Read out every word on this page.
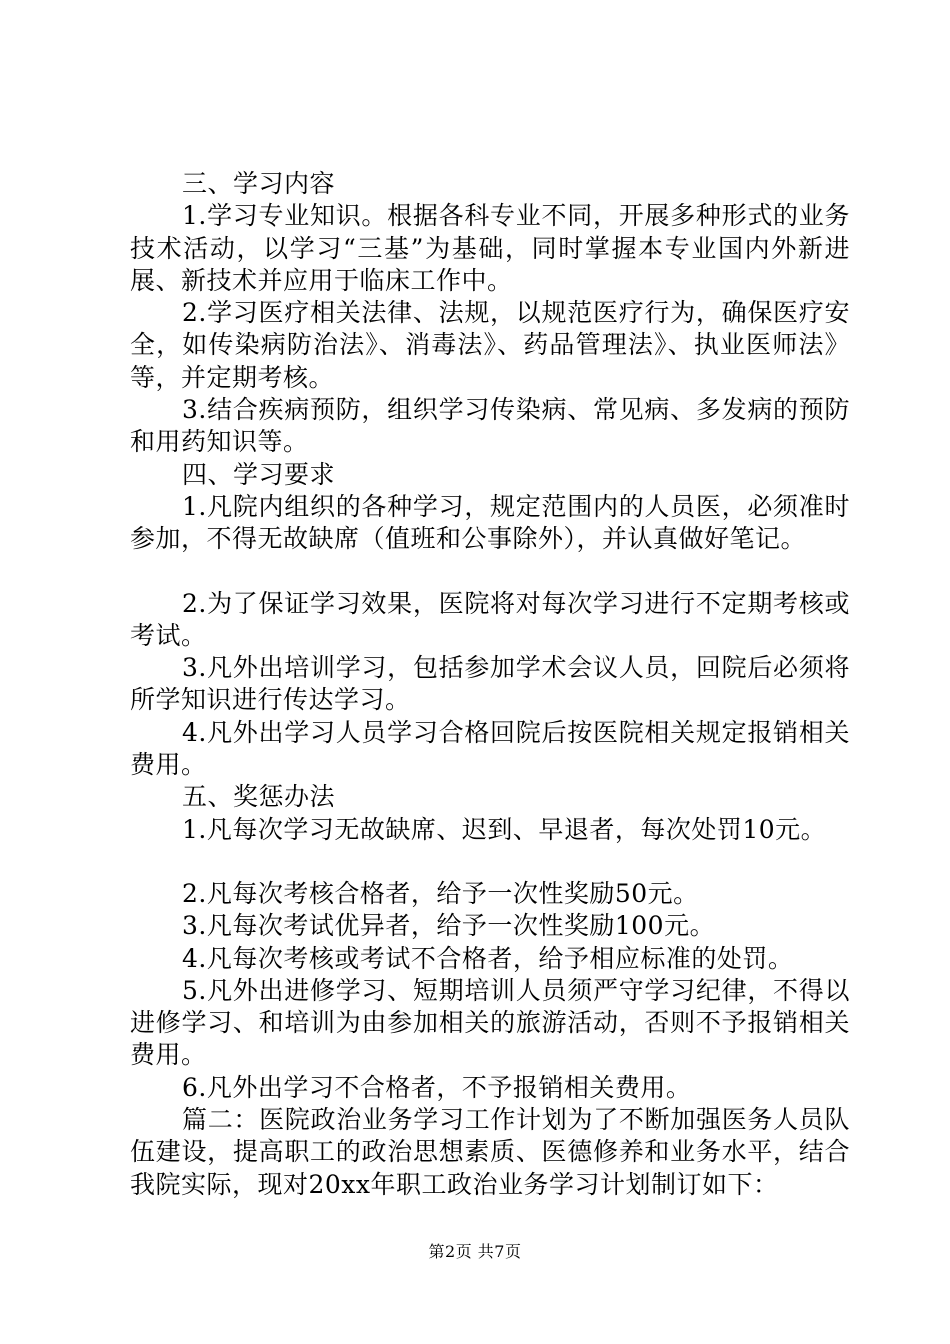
三、学习内容

1.学习专业知识。根据各科专业不同，开展多种形式的业务技术活动，以学习“三基”为基础，同时掌握本专业国内外新进展、新技术并应用于临床工作中。

2.学习医疗相关法律、法规，以规范医疗行为，确保医疗安全，如传染病防治法》、消毒法》、药品管理法》、执业医师法》等，并定期考核。

3.结合疾病预防，组织学习传染病、常见病、多发病的预防和用药知识等。

四、学习要求

1.凡院内组织的各种学习，规定范围内的人员医，必须准时参加，不得无故缺席（值班和公事除外），并认真做好笔记。

2.为了保证学习效果，医院将对每次学习进行不定期考核或考试。

3.凡外出培训学习，包括参加学术会议人员，回院后必须将所学知识进行传达学习。

4.凡外出学习人员学习合格回院后按医院相关规定报销相关费用。

五、奖惩办法

1.凡每次学习无故缺席、迟到、早退者，每次处罚10元。

2.凡每次考核合格者，给予一次性奖励50元。

3.凡每次考试优异者，给予一次性奖励100元。

4.凡每次考核或考试不合格者，给予相应标准的处罚。

5.凡外出进修学习、短期培训人员须严守学习纪律，不得以进修学习、和培训为由参加相关的旅游活动，否则不予报销相关费用。

6.凡外出学习不合格者，不予报销相关费用。

篇二：医院政治业务学习工作计划为了不断加强医务人员队伍建设，提高职工的政治思想素质、医德修养和业务水平，结合我院实际，现对20xx年职工政治业务学习计划制订如下：

第2页 共7页
